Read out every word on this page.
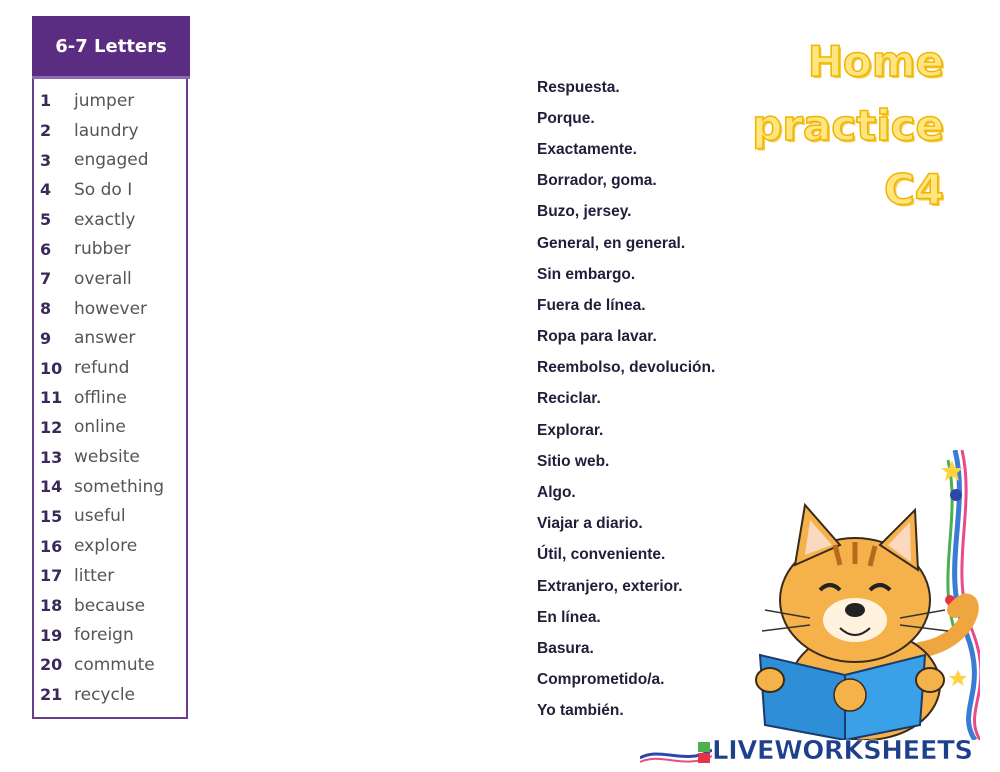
6-7 Letters
1	jumper
2	laundry
3	engaged
4	So do I
5	exactly
6	rubber
7	overall
8	however
9	answer
10 refund
11 offline
12 online
13 website
14 something
15 useful
16 explore
17 litter
18 because
19 foreign
20 commute
21 recycle
Respuesta.
Porque.
Exactamente.
Borrador, goma.
Buzo, jersey.
General, en general.
Sin embargo.
Fuera de línea.
Ropa para lavar.
Reembolso, devolución.
Reciclar.
Explorar.
Sitio web.
Algo.
Viajar a diario.
Útil, conveniente.
Extranjero, exterior.
En línea.
Basura.
Comprometido/a.
Yo también.
Home
practice
C4
LIVEWORKSHEETS
